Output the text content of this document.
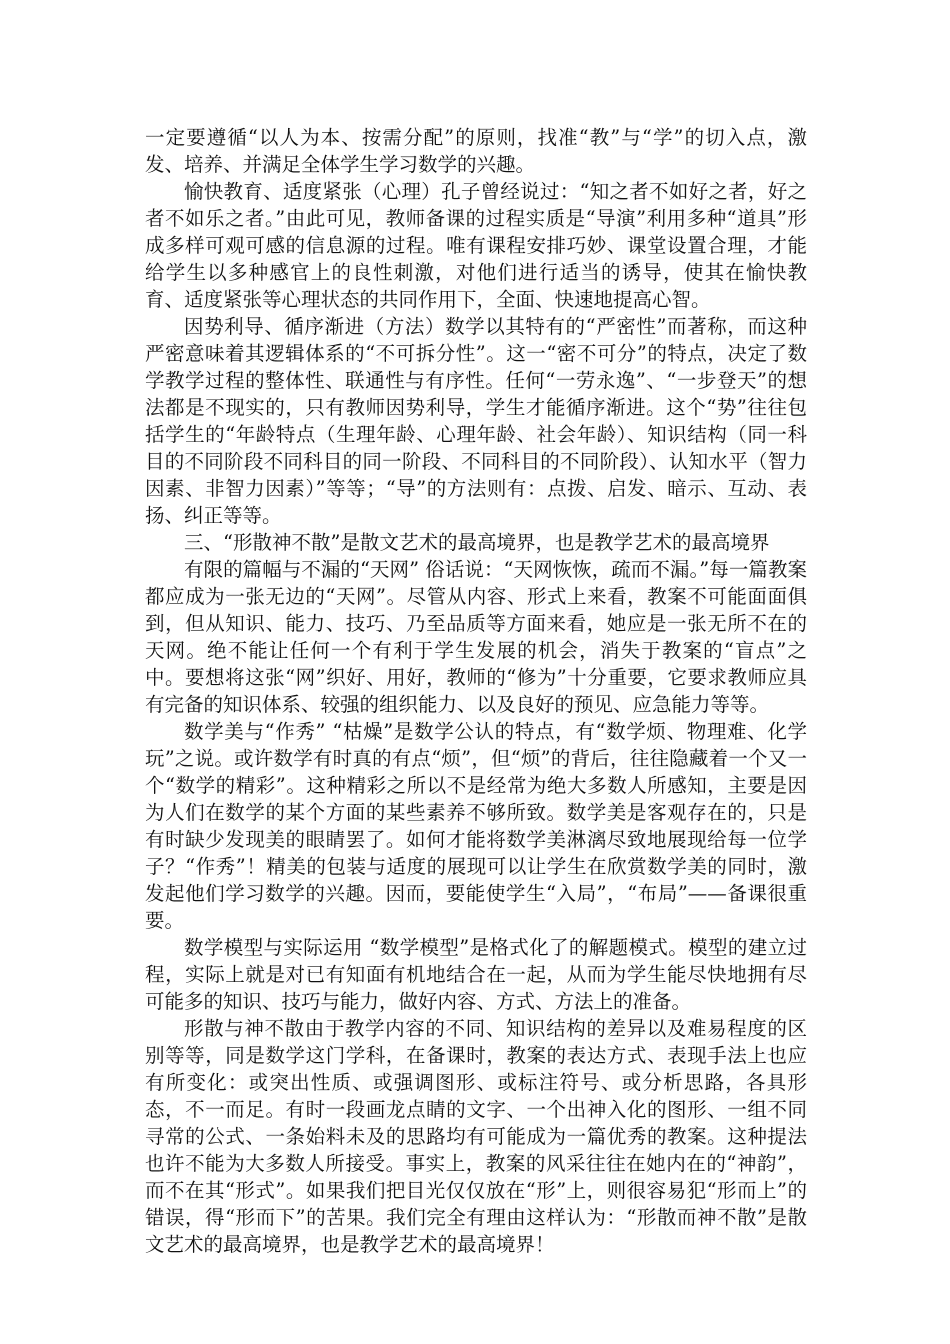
一定要遵循“以人为本、按需分配”的原则，找准“教”与“学”的切入点，激发、培养、并满足全体学生学习数学的兴趣。

愉快教育、适度紧张（心理）孔子曾经说过：“知之者不如好之者，好之者不如乐之者。”由此可见，教师备课的过程实质是“导演”利用多种“道具”形成多样可观可感的信息源的过程。唯有课程安排巧妙、课堂设置合理，才能给学生以多种感官上的良性刺激，对他们进行适当的诱导，使其在愉快教育、适度紧张等心理状态的共同作用下，全面、快速地提高心智。

因势利导、循序渐进（方法）数学以其特有的“严密性”而著称，而这种严密意味着其逻辑体系的“不可拆分性”。这一“密不可分”的特点，决定了数学教学过程的整体性、联通性与有序性。任何“一劳永逸”、“一步登天”的想法都是不现实的，只有教师因势利导，学生才能循序渐进。这个“势”往往包括学生的“年龄特点（生理年龄、心理年龄、社会年龄）、知识结构（同一科目的不同阶段不同科目的同一阶段、不同科目的不同阶段）、认知水平（智力因素、非智力因素）”等等；“导”的方法则有：点拨、启发、暗示、互动、表扬、纠正等等。

三、“形散神不散”是散文艺术的最高境界，也是教学艺术的最高境界

有限的篇幅与不漏的“天网” 俗话说：“天网恢恢，疏而不漏。”每一篇教案都应成为一张无边的“天网”。尽管从内容、形式上来看，教案不可能面面俱到，但从知识、能力、技巧、乃至品质等方面来看，她应是一张无所不在的天网。绝不能让任何一个有利于学生发展的机会，消失于教案的“盲点”之中。要想将这张“网”织好、用好，教师的“修为”十分重要，它要求教师应具有完备的知识体系、较强的组织能力、以及良好的预见、应急能力等等。

数学美与“作秀” “枯燥”是数学公认的特点，有“数学烦、物理难、化学玩”之说。或许数学有时真的有点“烦”，但“烦”的背后，往往隐藏着一个又一个“数学的精彩”。这种精彩之所以不是经常为绝大多数人所感知，主要是因为人们在数学的某个方面的某些素养不够所致。数学美是客观存在的，只是有时缺少发现美的眼睛罢了。如何才能将数学美淋漓尽致地展现给每一位学子？“作秀”！精美的包装与适度的展现可以让学生在欣赏数学美的同时，激发起他们学习数学的兴趣。因而，要能使学生“入局”，“布局”——备课很重要。

数学模型与实际运用 “数学模型”是格式化了的解题模式。模型的建立过程，实际上就是对已有知面有机地结合在一起，从而为学生能尽快地拥有尽可能多的知识、技巧与能力，做好内容、方式、方法上的准备。

形散与神不散由于教学内容的不同、知识结构的差异以及难易程度的区别等等，同是数学这门学科，在备课时，教案的表达方式、表现手法上也应有所变化：或突出性质、或强调图形、或标注符号、或分析思路，各具形态，不一而足。有时一段画龙点睛的文字、一个出神入化的图形、一组不同寻常的公式、一条始料未及的思路均有可能成为一篇优秀的教案。这种提法也许不能为大多数人所接受。事实上，教案的风采往往在她内在的“神韵”，而不在其“形式”。如果我们把目光仅仅放在“形”上，则很容易犯“形而上”的错误，得“形而下”的苦果。我们完全有理由这样认为：“形散而神不散”是散文艺术的最高境界，也是教学艺术的最高境界！
